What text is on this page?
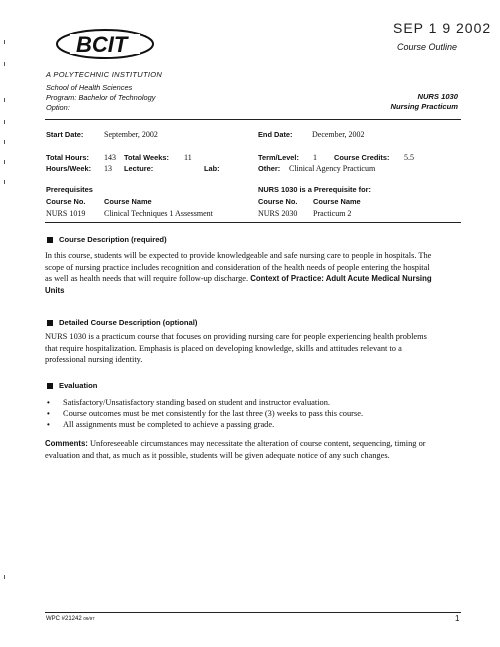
SEP 1 9 2002
Course Outline
BCIT
A POLYTECHNIC INSTITUTION
School of Health Sciences
Program: Bachelor of Technology
Option:
NURS 1030
Nursing Practicum
Start Date:	September, 2002	End Date: December, 2002
Total Hours: 143 Total Weeks: 11	Term/Level: 1 Course Credits: 5.5
Hours/Week: 13 Lecture:	Lab:	Other: Clinical Agency Practicum
Prerequisites
Course No.	Course Name
NURS 1019 Clinical Techniques 1 Assessment
NURS 1030 is a Prerequisite for:
Course No. Course Name
NURS 2030 Practicum 2
Course Description (required)
In this course, students will be expected to provide knowledgeable and safe nursing care to people in hospitals. The
scope of nursing practice includes recognition and consideration of the health needs of people entering the hospital
as well as health needs that will require follow-up discharge. Context of Practice: Adult Acute Medical Nursing
Units
Detailed Course Description (optional)
NURS 1030 is a practicum course that focuses on providing nursing care for people experiencing health problems
that require hospitalization. Emphasis is placed on developing knowledge, skills and attitudes relevant to a
professional nursing identity.
Evaluation
• Satisfactory/Unsatisfactory standing based on student and instructor evaluation.
• Course outcomes must be met consistently for the last three (3) weeks to pass this course.
• All assignments must be completed to achieve a passing grade.
Comments: Unforeseeable circumstances may necessitate the alteration of course content, sequencing, timing or
evaluation and that, as much as it possible, students will be given adequate notice of any such changes.
WPC #21242 09/97	1
